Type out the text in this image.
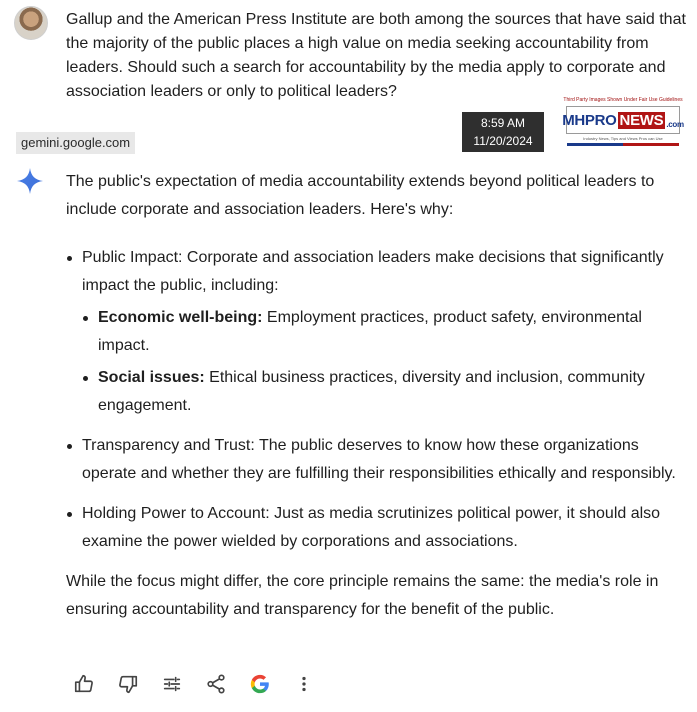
Gallup and the American Press Institute are both among the sources that have said that the majority of the public places a high value on media seeking accountability from leaders. Should such a search for accountability by the media apply to corporate and association leaders or only to political leaders?
gemini.google.com
8:59 AM
11/20/2024
Third Party Images Shown Under Fair Use Guidelines
MHPRO NEWS .com
Industry News, Tips and Views Pros can Use

The public's expectation of media accountability extends beyond political leaders to include corporate and association leaders. Here's why:

Public Impact: Corporate and association leaders make decisions that significantly impact the public, including:
Economic well-being: Employment practices, product safety, environmental impact.
Social issues: Ethical business practices, diversity and inclusion, community engagement.
Transparency and Trust: The public deserves to know how these organizations operate and whether they are fulfilling their responsibilities ethically and responsibly.
Holding Power to Account: Just as media scrutinizes political power, it should also examine the power wielded by corporations and associations.

While the focus might differ, the core principle remains the same: the media's role in ensuring accountability and transparency for the benefit of the public.
